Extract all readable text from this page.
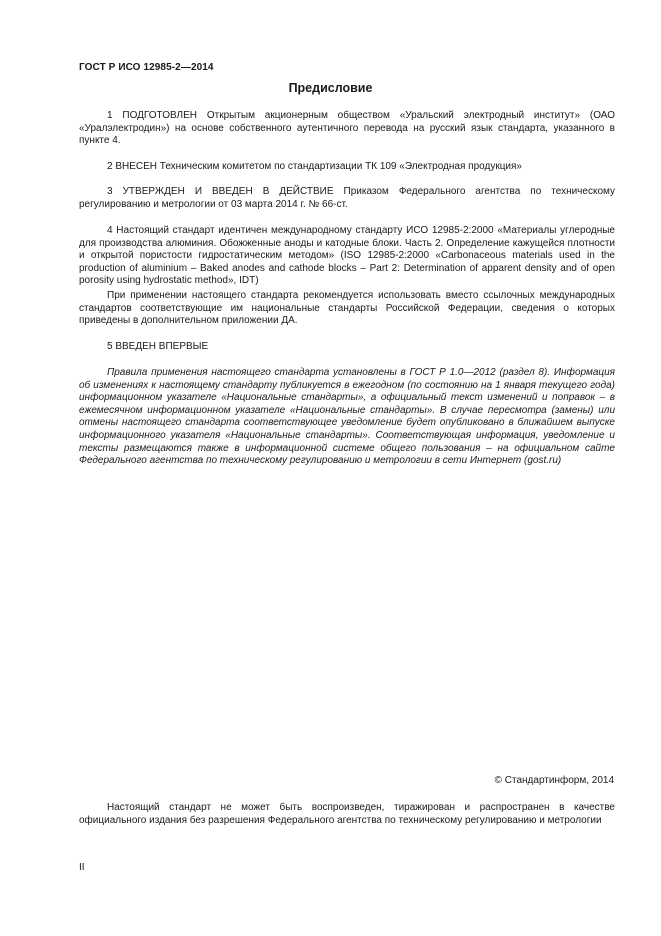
ГОСТ Р ИСО 12985-2—2014
Предисловие
1 ПОДГОТОВЛЕН Открытым акционерным обществом «Уральский электродный институт» (ОАО «Уралэлектродин») на основе собственного аутентичного перевода на русский язык стандарта, указанного в пункте 4.
2 ВНЕСЕН Техническим комитетом по стандартизации ТК 109 «Электродная продукция»
3 УТВЕРЖДЕН И ВВЕДЕН В ДЕЙСТВИЕ Приказом Федерального агентства по техническому регулированию и метрологии от 03 марта 2014 г. № 66-ст.
4 Настоящий стандарт идентичен международному стандарту ИСО 12985-2:2000 «Материалы углеродные для производства алюминия. Обожженные аноды и катодные блоки. Часть 2. Определение кажущейся плотности и открытой пористости гидростатическим методом» (ISO 12985-2:2000 «Carbonaceous materials used in the production of aluminium – Baked anodes and cathode blocks – Part 2: Determination of apparent density and of open porosity using hydrostatic method», IDT)
При применении настоящего стандарта рекомендуется использовать вместо ссылочных международных стандартов соответствующие им национальные стандарты Российской Федерации, сведения о которых приведены в дополнительном приложении ДА.
5 ВВЕДЕН ВПЕРВЫЕ
Правила применения настоящего стандарта установлены в ГОСТ Р 1.0—2012 (раздел 8). Информация об изменениях к настоящему стандарту публикуется в ежегодном (по состоянию на 1 января текущего года) информационном указателе «Национальные стандарты», а официальный текст изменений и поправок – в ежемесячном информационном указателе «Национальные стандарты». В случае пересмотра (замены) или отмены настоящего стандарта соответствующее уведомление будет опубликовано в ближайшем выпуске информационного указателя «Национальные стандарты». Соответствующая информация, уведомление и тексты размещаются также в информационной системе общего пользования – на официальном сайте Федерального агентства по техническому регулированию и метрологии в сети Интернет (gost.ru)
© Стандартинформ, 2014
Настоящий стандарт не может быть воспроизведен, тиражирован и распространен в качестве официального издания без разрешения Федерального агентства по техническому регулированию и метрологии
II
